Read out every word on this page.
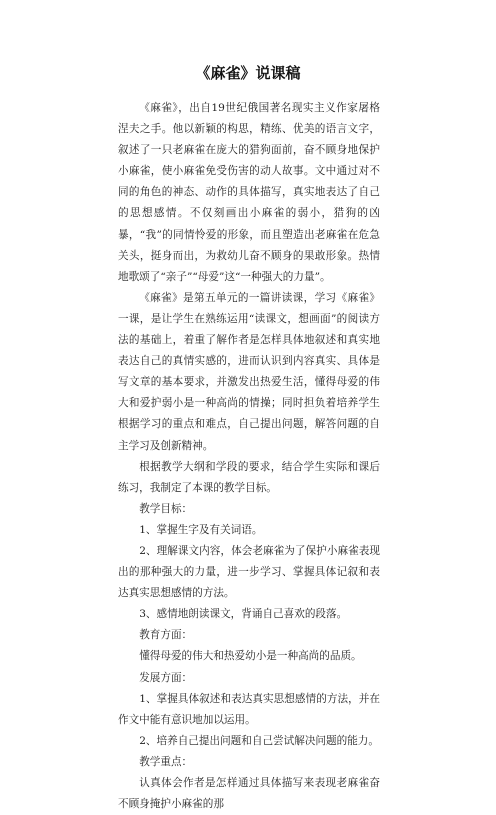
《麻雀》说课稿

《麻雀》，出自19世纪俄国著名现实主义作家屠格涅夫之手。他以新颖的构思，精练、优美的语言文字，叙述了一只老麻雀在庞大的猎狗面前，奋不顾身地保护小麻雀，使小麻雀免受伤害的动人故事。文中通过对不同的角色的神态、动作的具体描写，真实地表达了自己的思想感情。不仅刻画出小麻雀的弱小，猎狗的凶暴，“我”的同情怜爱的形象，而且塑造出老麻雀在危急关头，挺身而出，为救幼儿奋不顾身的果敢形象。热情地歌颂了“亲子”“母爱”这“一种强大的力量”。

《麻雀》是第五单元的一篇讲读课，学习《麻雀》一课，是让学生在熟练运用“读课文，想画面”的阅读方法的基础上，着重了解作者是怎样具体地叙述和真实地表达自己的真情实感的，进而认识到内容真实、具体是写文章的基本要求，并激发出热爱生活，懂得母爱的伟大和爱护弱小是一种高尚的情操；同时担负着培养学生根据学习的重点和难点，自己提出问题，解答问题的自主学习及创新精神。

根据教学大纲和学段的要求，结合学生实际和课后练习，我制定了本课的教学目标。

教学目标：

1、掌握生字及有关词语。

2、理解课文内容，体会老麻雀为了保护小麻雀表现出的那种强大的力量，进一步学习、掌握具体记叙和表达真实思想感情的方法。

3、感情地朗读课文，背诵自己喜欢的段落。

教育方面：

懂得母爱的伟大和热爱幼小是一种高尚的品质。

发展方面：

1、掌握具体叙述和表达真实思想感情的方法，并在作文中能有意识地加以运用。

2、培养自己提出问题和自己尝试解决问题的能力。

教学重点：

认真体会作者是怎样通过具体描写来表现老麻雀奋不顾身掩护小麻雀的那
